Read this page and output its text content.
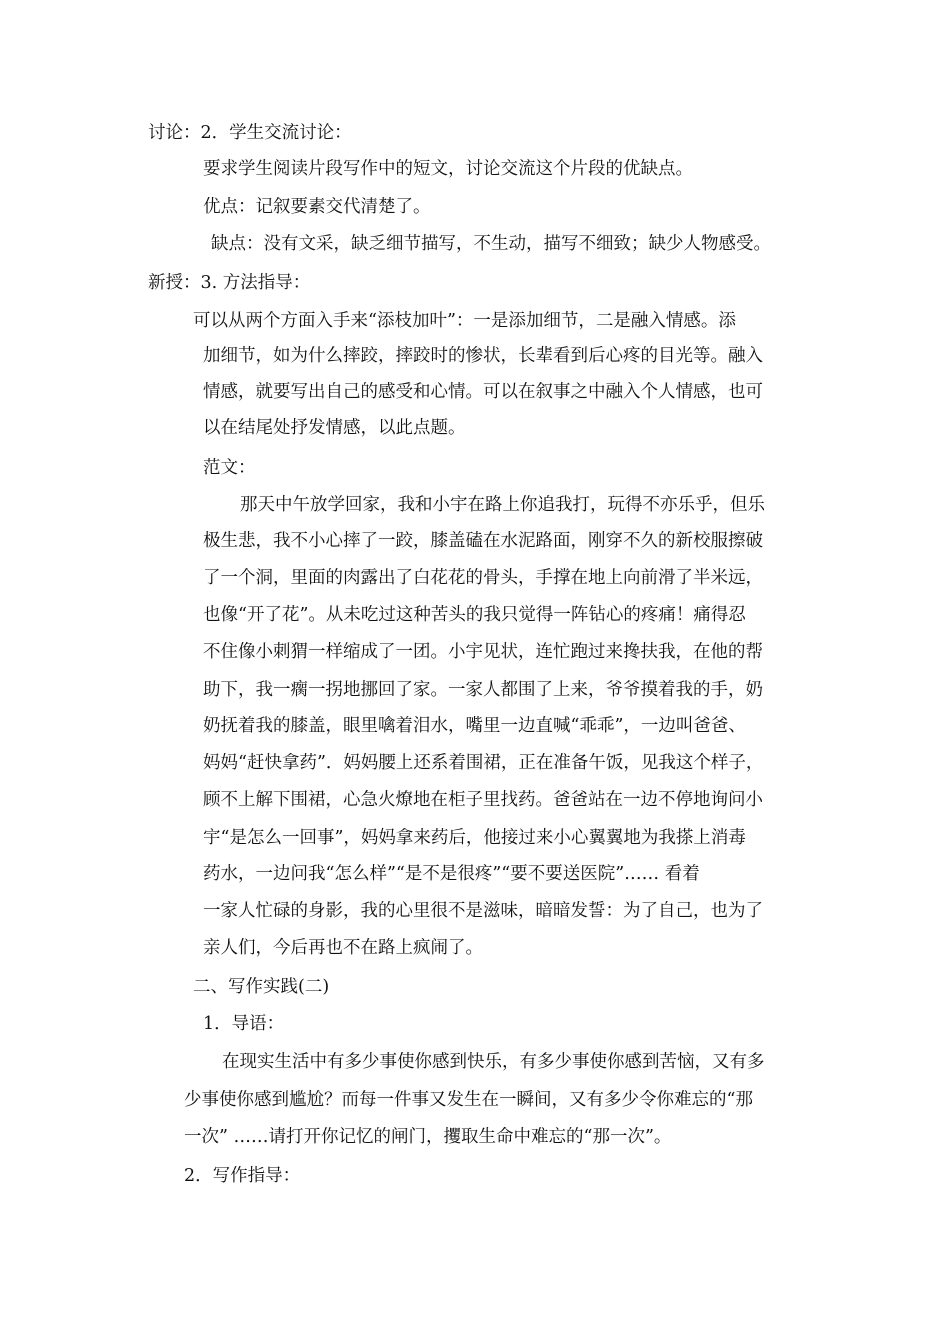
讨论：2．学生交流讨论：

要求学生阅读片段写作中的短文，讨论交流这个片段的优缺点。

优点：记叙要素交代清楚了。

缺点：没有文采，缺乏细节描写，不生动，描写不细致；缺少人物感受。

新授：3. 方法指导：

可以从两个方面入手来“添枝加叶”：一是添加细节，二是融入情感。添

加细节，如为什么摔跤，摔跤时的惨状，长辈看到后心疼的目光等。融入

情感，就要写出自己的感受和心情。可以在叙事之中融入个人情感，也可

以在结尾处抒发情感，以此点题。

范文：

那天中午放学回家，我和小宇在路上你追我打，玩得不亦乐乎，但乐

极生悲，我不小心摔了一跤，膝盖磕在水泥路面，刚穿不久的新校服擦破

了一个洞，里面的肉露出了白花花的骨头，手撑在地上向前滑了半米远，

也像“开了花”。从未吃过这种苦头的我只觉得一阵钻心的疼痛！痛得忍

不住像小刺猬一样缩成了一团。小宇见状，连忙跑过来搀扶我，在他的帮

助下，我一瘸一拐地挪回了家。一家人都围了上来，爷爷摸着我的手，奶

奶抚着我的膝盖，眼里噙着泪水，嘴里一边直喊“乖乖”，一边叫爸爸、

妈妈“赶快拿药”．妈妈腰上还系着围裙，正在准备午饭，见我这个样子，

顾不上解下围裙，心急火燎地在柜子里找药。爸爸站在一边不停地询问小

宇“是怎么一回事”，妈妈拿来药后，他接过来小心翼翼地为我搽上消毒

药水，一边问我“怎么样”“是不是很疼”“要不要送医院”…… 看着

一家人忙碌的身影，我的心里很不是滋味，暗暗发誓：为了自己，也为了

亲人们，今后再也不在路上疯闹了。

二、写作实践(二)

1．导语：

在现实生活中有多少事使你感到快乐，有多少事使你感到苦恼，又有多

少事使你感到尴尬？而每一件事又发生在一瞬间，又有多少令你难忘的“那

一次” ……请打开你记忆的闸门，攫取生命中难忘的“那一次”。

2．写作指导：
